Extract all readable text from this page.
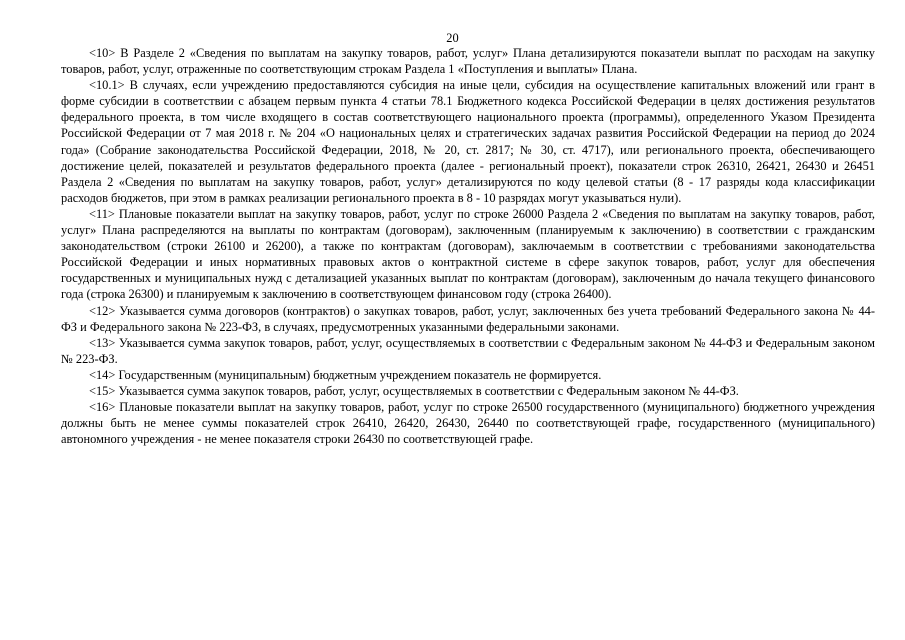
20

<10> В Разделе 2 «Сведения по выплатам на закупку товаров, работ, услуг» Плана детализируются показатели выплат по расходам на закупку товаров, работ, услуг, отраженные по соответствующим строкам Раздела 1 «Поступления и выплаты» Плана.

<10.1> В случаях, если учреждению предоставляются субсидия на иные цели, субсидия на осуществление капитальных вложений или грант в форме субсидии в соответствии с абзацем первым пункта 4 статьи 78.1 Бюджетного кодекса Российской Федерации в целях достижения результатов федерального проекта, в том числе входящего в состав соответствующего национального проекта (программы), определенного Указом Президента Российской Федерации от 7 мая 2018 г. № 204 «О национальных целях и стратегических задачах развития Российской Федерации на период до 2024 года» (Собрание законодательства Российской Федерации, 2018, № 20, ст. 2817; № 30, ст. 4717), или регионального проекта, обеспечивающего достижение целей, показателей и результатов федерального проекта (далее - региональный проект), показатели строк 26310, 26421, 26430 и 26451 Раздела 2 «Сведения по выплатам на закупку товаров, работ, услуг» детализируются по коду целевой статьи (8 - 17 разряды кода классификации расходов бюджетов, при этом в рамках реализации регионального проекта в 8 - 10 разрядах могут указываться нули).

<11> Плановые показатели выплат на закупку товаров, работ, услуг по строке 26000 Раздела 2 «Сведения по выплатам на закупку товаров, работ, услуг» Плана распределяются на выплаты по контрактам (договорам), заключенным (планируемым к заключению) в соответствии с гражданским законодательством (строки 26100 и 26200), а также по контрактам (договорам), заключаемым в соответствии с требованиями законодательства Российской Федерации и иных нормативных правовых актов о контрактной системе в сфере закупок товаров, работ, услуг для обеспечения государственных и муниципальных нужд с детализацией указанных выплат по контрактам (договорам), заключенным до начала текущего финансового года (строка 26300) и планируемым к заключению в соответствующем финансовом году (строка 26400).

<12> Указывается сумма договоров (контрактов) о закупках товаров, работ, услуг, заключенных без учета требований Федерального закона № 44-ФЗ и Федерального закона № 223-ФЗ, в случаях, предусмотренных указанными федеральными законами.

<13> Указывается сумма закупок товаров, работ, услуг, осуществляемых в соответствии с Федеральным законом № 44-ФЗ и Федеральным законом № 223-ФЗ.

<14> Государственным (муниципальным) бюджетным учреждением показатель не формируется.

<15> Указывается сумма закупок товаров, работ, услуг, осуществляемых в соответствии с Федеральным законом № 44-ФЗ.

<16> Плановые показатели выплат на закупку товаров, работ, услуг по строке 26500 государственного (муниципального) бюджетного учреждения должны быть не менее суммы показателей строк 26410, 26420, 26430, 26440 по соответствующей графе, государственного (муниципального) автономного учреждения - не менее показателя строки 26430 по соответствующей графе.
